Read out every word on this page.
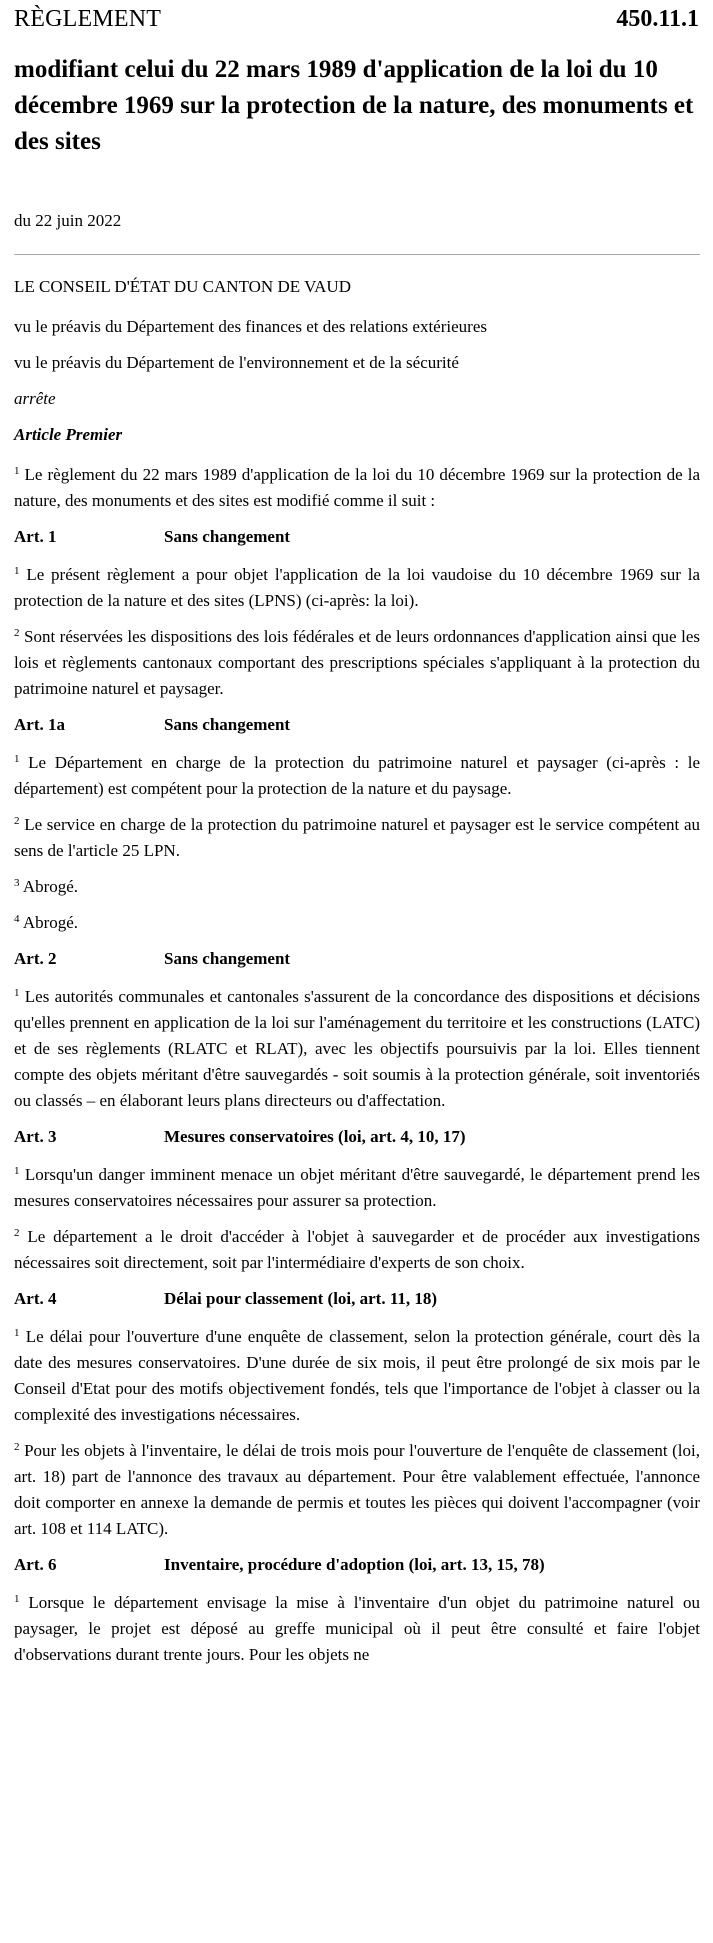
RÈGLEMENT	450.11.1
modifiant celui du 22 mars 1989 d'application de la loi du 10 décembre 1969 sur la protection de la nature, des monuments et des sites

du 22 juin 2022

LE CONSEIL D'ÉTAT DU CANTON DE VAUD

vu le préavis du Département des finances et des relations extérieures

vu le préavis du Département de l'environnement et de la sécurité

arrête

Article Premier

$^1$ Le règlement du 22 mars 1989 d'application de la loi du 10 décembre 1969 sur la protection de la nature, des monuments et des sites est modifié comme il suit :

Art. 1	Sans changement

$^1$ Le présent règlement a pour objet l'application de la loi vaudoise du 10 décembre 1969 sur la protection de la nature et des sites (LPNS) (ci-après: la loi).

$^2$ Sont réservées les dispositions des lois fédérales et de leurs ordonnances d'application ainsi que les lois et règlements cantonaux comportant des prescriptions spéciales s'appliquant à la protection du patrimoine naturel et paysager.

Art. 1a	Sans changement

$^1$ Le Département en charge de la protection du patrimoine naturel et paysager (ci-après : le département) est compétent pour la protection de la nature et du paysage.

$^2$ Le service en charge de la protection du patrimoine naturel et paysager est le service compétent au sens de l'article 25 LPN.

$^3$ Abrogé.

$^4$ Abrogé.

Art. 2	Sans changement

$^1$ Les autorités communales et cantonales s'assurent de la concordance des dispositions et décisions qu'elles prennent en application de la loi sur l'aménagement du territoire et les constructions (LATC) et de ses règlements (RLATC et RLAT), avec les objectifs poursuivis par la loi. Elles tiennent compte des objets méritant d'être sauvegardés - soit soumis à la protection générale, soit inventoriés ou classés – en élaborant leurs plans directeurs ou d'affectation.

Art. 3	Mesures conservatoires (loi, art. 4, 10, 17)

$^1$ Lorsqu'un danger imminent menace un objet méritant d'être sauvegardé, le département prend les mesures conservatoires nécessaires pour assurer sa protection.

$^2$ Le département a le droit d'accéder à l'objet à sauvegarder et de procéder aux investigations nécessaires soit directement, soit par l'intermédiaire d'experts de son choix.

Art. 4	Délai pour classement (loi, art. 11, 18)

$^1$ Le délai pour l'ouverture d'une enquête de classement, selon la protection générale, court dès la date des mesures conservatoires. D'une durée de six mois, il peut être prolongé de six mois par le Conseil d'Etat pour des motifs objectivement fondés, tels que l'importance de l'objet à classer ou la complexité des investigations nécessaires.

$^2$ Pour les objets à l'inventaire, le délai de trois mois pour l'ouverture de l'enquête de classement (loi, art. 18) part de l'annonce des travaux au département. Pour être valablement effectuée, l'annonce doit comporter en annexe la demande de permis et toutes les pièces qui doivent l'accompagner (voir art. 108 et 114 LATC).

Art. 6	Inventaire, procédure d'adoption (loi, art. 13, 15, 78)

$^1$ Lorsque le département envisage la mise à l'inventaire d'un objet du patrimoine naturel ou paysager, le projet est déposé au greffe municipal où il peut être consulté et faire l'objet d'observations durant trente jours. Pour les objets ne
